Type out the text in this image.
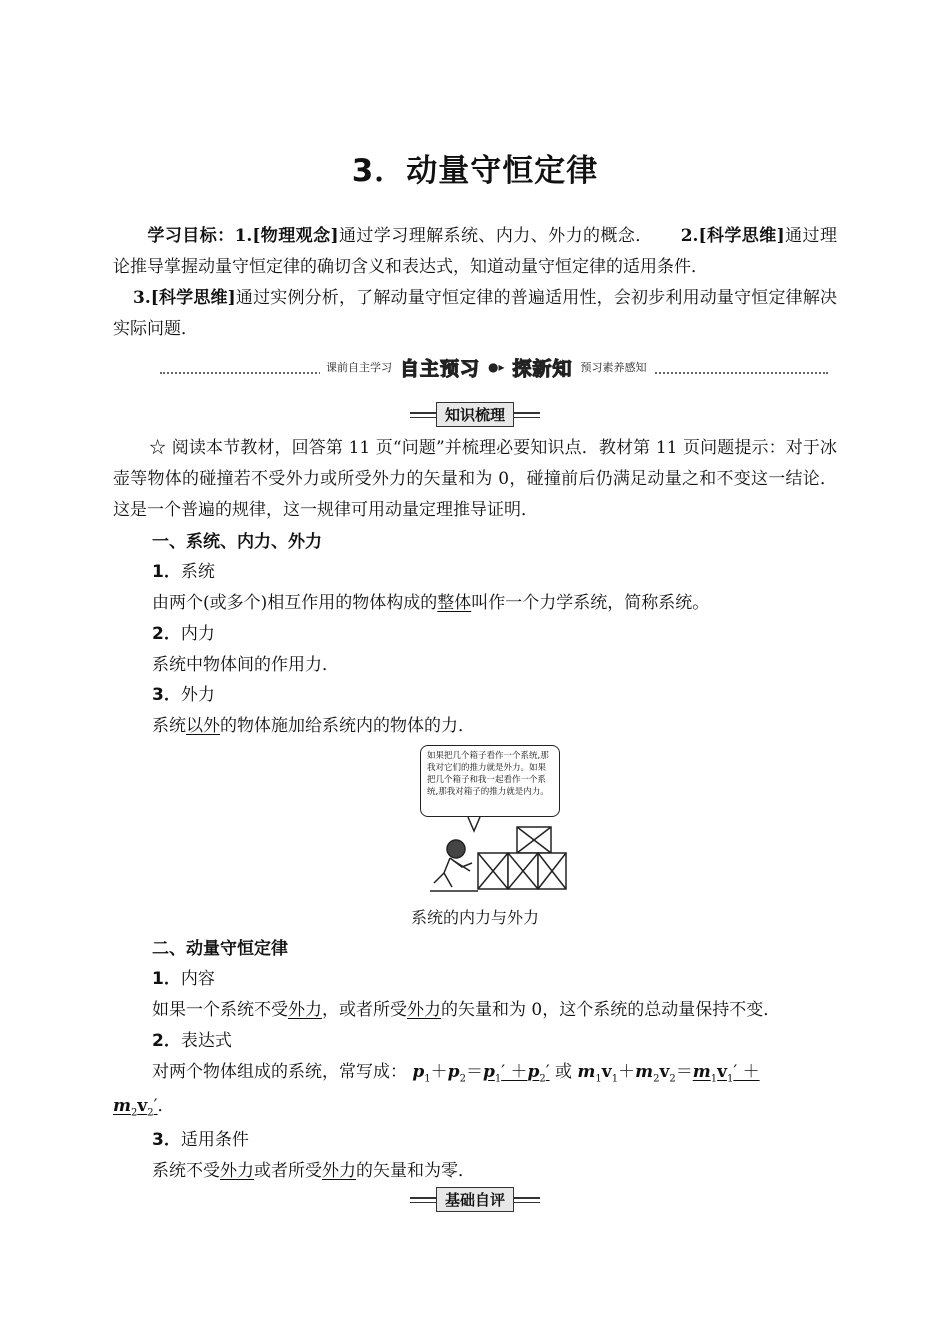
3．动量守恒定律
学习目标：1.[物理观念]通过学习理解系统、内力、外力的概念． 2.[科学思维]通过理论推导掌握动量守恒定律的确切含义和表达式，知道动量守恒定律的适用条件．
3.[科学思维]通过实例分析，了解动量守恒定律的普遍适用性，会初步利用动量守恒定律解决实际问题．
课前自主学习 自主预习 ●▸ 探新知 预习素养感知
知识梳理
☆ 阅读本节教材，回答第 11 页“问题”并梳理必要知识点．教材第 11 页问题提示：对于冰壶等物体的碰撞若不受外力或所受外力的矢量和为 0，碰撞前后仍满足动量之和不变这一结论．这是一个普遍的规律，这一规律可用动量定理推导证明．
一、系统、内力、外力
1．系统
由两个(或多个)相互作用的物体构成的整体叫作一个力学系统，简称系统。
2．内力
系统中物体间的作用力．
3．外力
系统以外的物体施加给系统内的物体的力．
如果把几个箱子看作一个系统,那我对它们的推力就是外力。如果把几个箱子和我一起看作一个系统,那我对箱子的推力就是内力。
系统的内力与外力
二、动量守恒定律
1．内容
如果一个系统不受外力，或者所受外力的矢量和为 0，这个系统的总动量保持不变．
2．表达式
对两个物体组成的系统，常写成： $p_1+p_2=p_1' +p_2'$ 或 $m_1v_1+m_2v_2=m_1v_1'$ ＋
$m_2v_2'$．
3．适用条件
系统不受外力或者所受外力的矢量和为零．
基础自评
